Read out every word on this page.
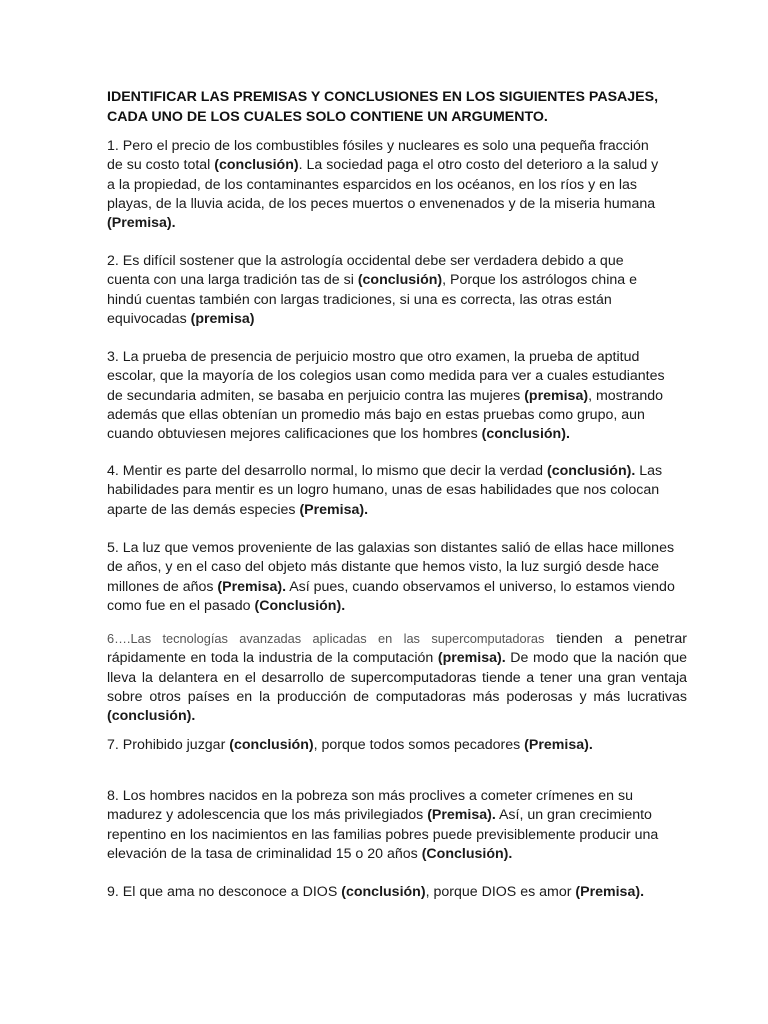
IDENTIFICAR LAS PREMISAS Y CONCLUSIONES EN LOS SIGUIENTES PASAJES, CADA UNO DE LOS CUALES SOLO CONTIENE UN ARGUMENTO.

1. Pero el precio de los combustibles fósiles y nucleares es solo una pequeña fracción de su costo total (conclusión). La sociedad paga el otro costo del deterioro a la salud y a la propiedad, de los contaminantes esparcidos en los océanos, en los ríos y en las playas, de la lluvia acida, de los peces muertos o envenenados y de la miseria humana (Premisa).

2. Es difícil sostener que la astrología occidental debe ser verdadera debido a que cuenta con una larga tradición tas de si (conclusión), Porque los astrólogos china e hindú cuentas también con largas tradiciones, si una es correcta, las otras están equivocadas (premisa)

3. La prueba de presencia de perjuicio mostro que otro examen, la prueba de aptitud escolar, que la mayoría de los colegios usan como medida para ver a cuales estudiantes de secundaria admiten, se basaba en perjuicio contra las mujeres (premisa), mostrando además que ellas obtenían un promedio más bajo en estas pruebas como grupo, aun cuando obtuviesen mejores calificaciones que los hombres (conclusión).

4. Mentir es parte del desarrollo normal, lo mismo que decir la verdad (conclusión). Las habilidades para mentir es un logro humano, unas de esas habilidades que nos colocan aparte de las demás especies (Premisa).

5. La luz que vemos proveniente de las galaxias son distantes salió de ellas hace millones de años, y en el caso del objeto más distante que hemos visto, la luz surgió desde hace millones de años (Premisa). Así pues, cuando observamos el universo, lo estamos viendo como fue en el pasado (Conclusión).

6….Las tecnologías avanzadas aplicadas en las supercomputadoras tienden a penetrar rápidamente en toda la industria de la computación (premisa). De modo que la nación que lleva la delantera en el desarrollo de supercomputadoras tiende a tener una gran ventaja sobre otros países en la producción de computadoras más poderosas y más lucrativas (conclusión).

7. Prohibido juzgar (conclusión), porque todos somos pecadores (Premisa).

8. Los hombres nacidos en la pobreza son más proclives a cometer crímenes en su madurez y adolescencia que los más privilegiados (Premisa). Así, un gran crecimiento repentino en los nacimientos en las familias pobres puede previsiblemente producir una elevación de la tasa de criminalidad 15 o 20 años (Conclusión).

9. El que ama no desconoce a DIOS (conclusión), porque DIOS es amor (Premisa).
